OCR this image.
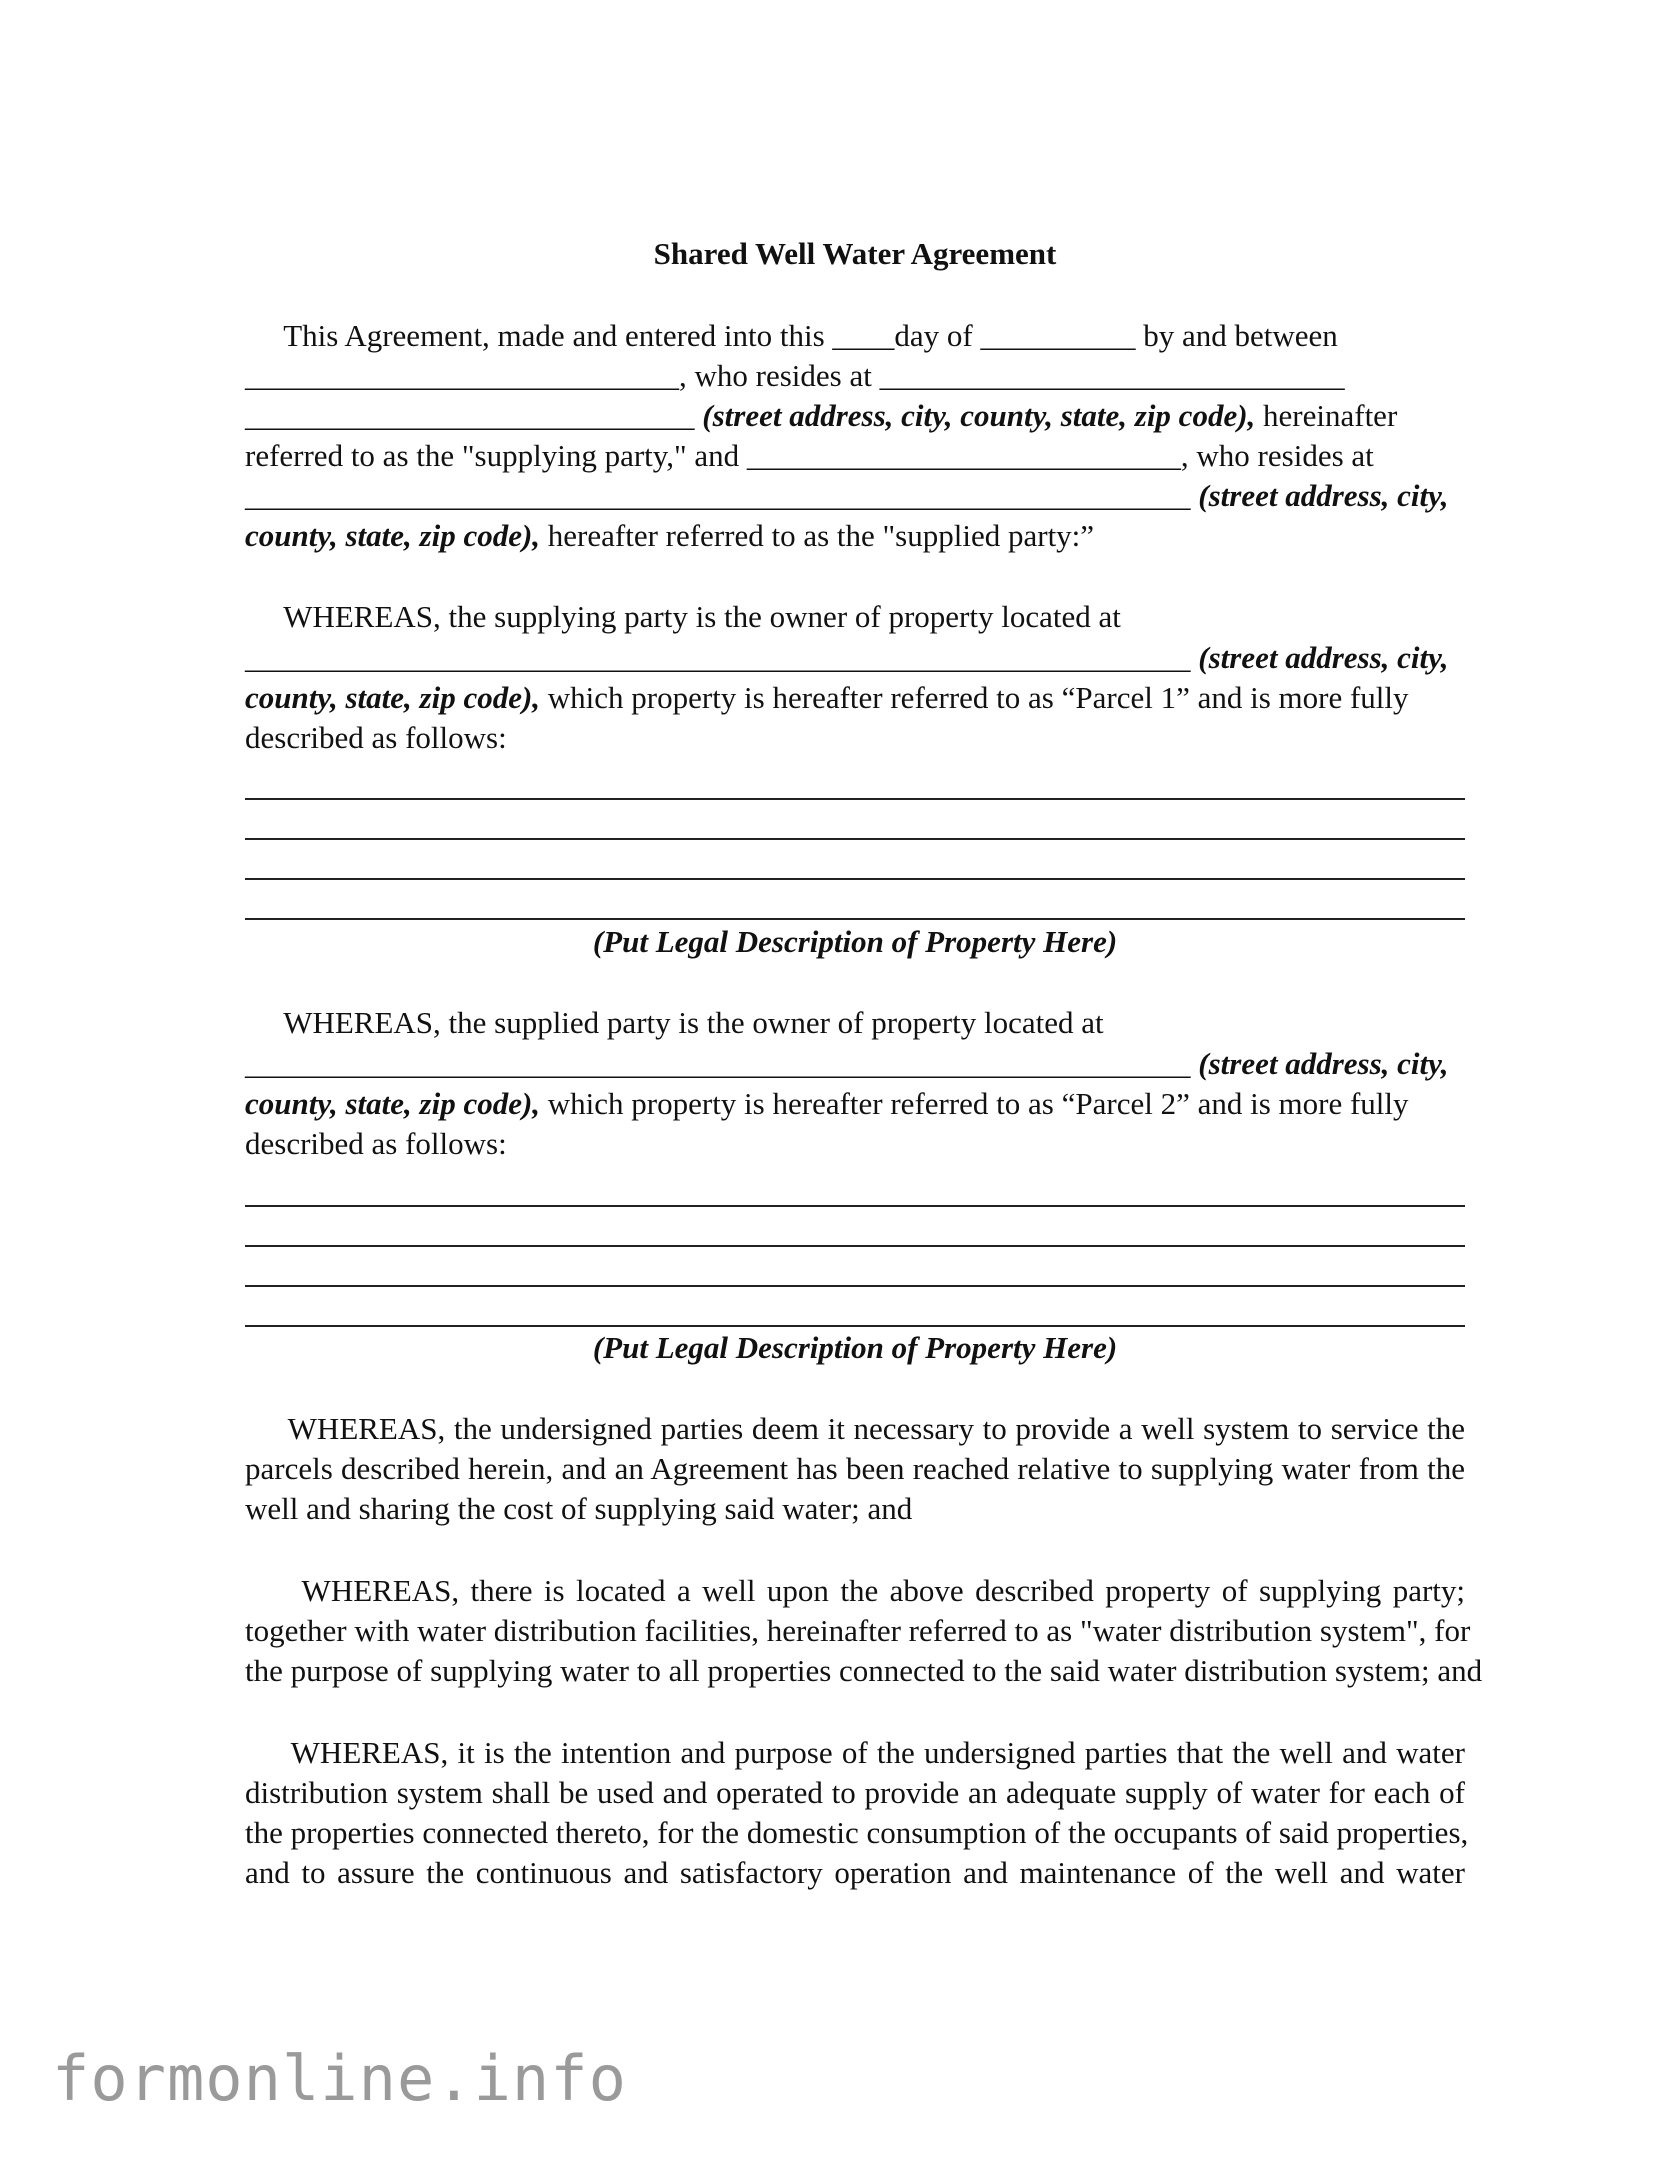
Shared Well Water Agreement
This Agreement, made and entered into this ____day of __________ by and between
____________________________, who resides at ______________________________
_____________________________ (street address, city, county, state, zip code), hereinafter
referred to as the "supplying party," and ____________________________, who resides at
_____________________________________________________________ (street address, city,
county, state, zip code), hereafter referred to as the "supplied party:”
WHEREAS, the supplying party is the owner of property located at
_____________________________________________________________ (street address, city,
county, state, zip code), which property is hereafter referred to as “Parcel 1” and is more fully
described as follows:
(Put Legal Description of Property Here)
WHEREAS, the supplied party is the owner of property located at
_____________________________________________________________ (street address, city,
county, state, zip code), which property is hereafter referred to as “Parcel 2” and is more fully
described as follows:
(Put Legal Description of Property Here)
WHEREAS, the undersigned parties deem it necessary to provide a well system to service the
parcels described herein, and an Agreement has been reached relative to supplying water from the
well and sharing the cost of supplying said water; and
WHEREAS, there is located a well upon the above described property of supplying party;
together with water distribution facilities, hereinafter referred to as "water distribution system", for
the purpose of supplying water to all properties connected to the said water distribution system; and
WHEREAS, it is the intention and purpose of the undersigned parties that the well and water
distribution system shall be used and operated to provide an adequate supply of water for each of
the properties connected thereto, for the domestic consumption of the occupants of said properties,
and to assure the continuous and satisfactory operation and maintenance of the well and water
formonline.info
